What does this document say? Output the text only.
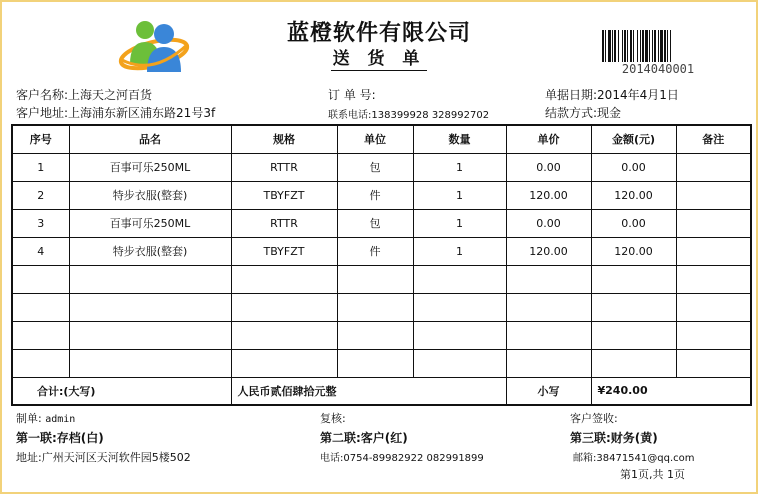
蓝橙软件有限公司
送 货 单	2014040001
客户名称:上海天之河百货
客户地址:上海浦东新区浦东路21号3f
订 单 号:
联系电话:138399928 328992702
单据日期:2014年4月1日
结款方式:现金
序号	品名	规格	单位	数量	单价	金额(元)	备注
1	百事可乐250ML	RTTR	包	1	0.00	0.00	
2	特步衣服(整套)	TBYFZT	件	1	120.00	120.00	
3	百事可乐250ML	RTTR	包	1	0.00	0.00	
4	特步衣服(整套)	TBYFZT	件	1	120.00	120.00	

合计:(大写)		人民币贰佰肆拾元整			小写	¥240.00	
制单: admin	复核:	客户签收:
第一联:存档(白)	第二联:客户(红)	第三联:财务(黄)
地址:广州天河区天河软件园5楼502	电话:0754-89982922 082991899	邮箱:38471541@qq.com
第1页,共 1页
